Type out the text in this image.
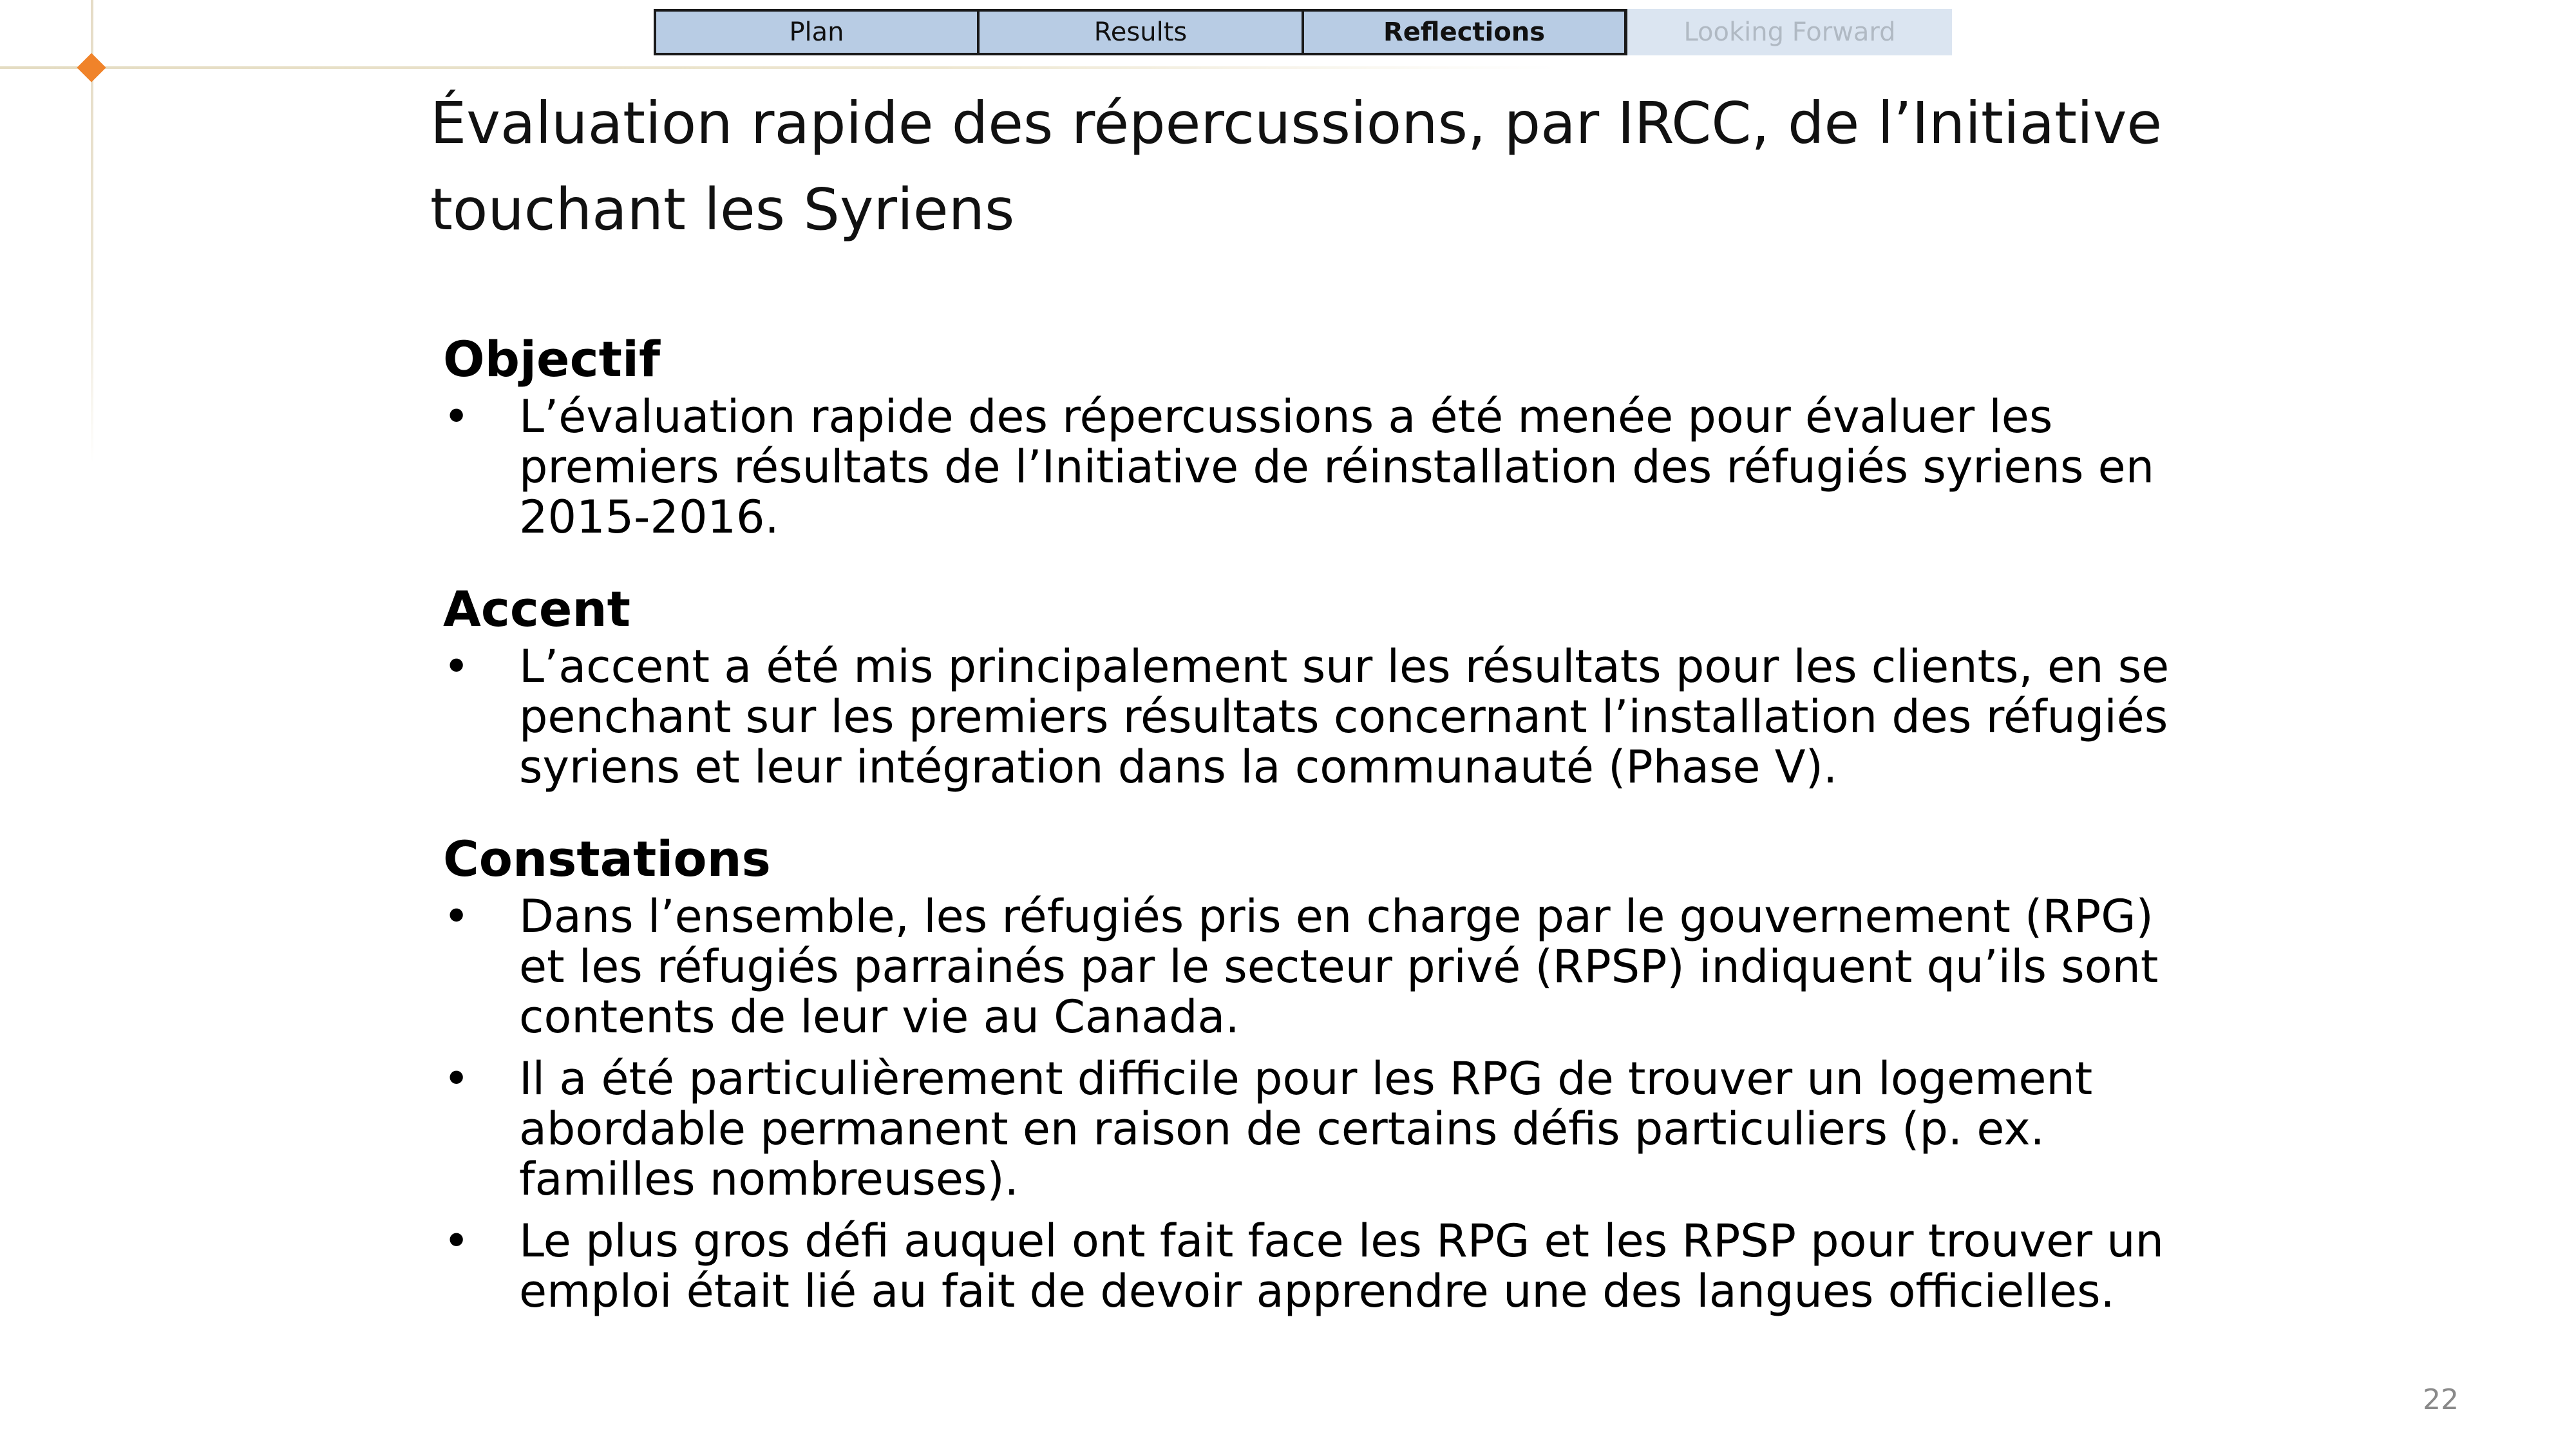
Plan	Results	Reflections	Looking Forward
Évaluation rapide des répercussions, par IRCC, de l’Initiative touchant les Syriens
Objectif
•	L’évaluation rapide des répercussions a été menée pour évaluer les premiers résultats de l’Initiative de réinstallation des réfugiés syriens en 2015-2016.
Accent
•	L’accent a été mis principalement sur les résultats pour les clients, en se penchant sur les premiers résultats concernant l’installation des réfugiés syriens et leur intégration dans la communauté (Phase V).
Constations
•	Dans l’ensemble, les réfugiés pris en charge par le gouvernement (RPG) et les réfugiés parrainés par le secteur privé (RPSP) indiquent qu’ils sont contents de leur vie au Canada.
•	Il a été particulièrement difficile pour les RPG de trouver un logement abordable permanent en raison de certains défis particuliers (p. ex. familles nombreuses).
•	Le plus gros défi auquel ont fait face les RPG et les RPSP pour trouver un emploi était lié au fait de devoir apprendre une des langues officielles.
22
